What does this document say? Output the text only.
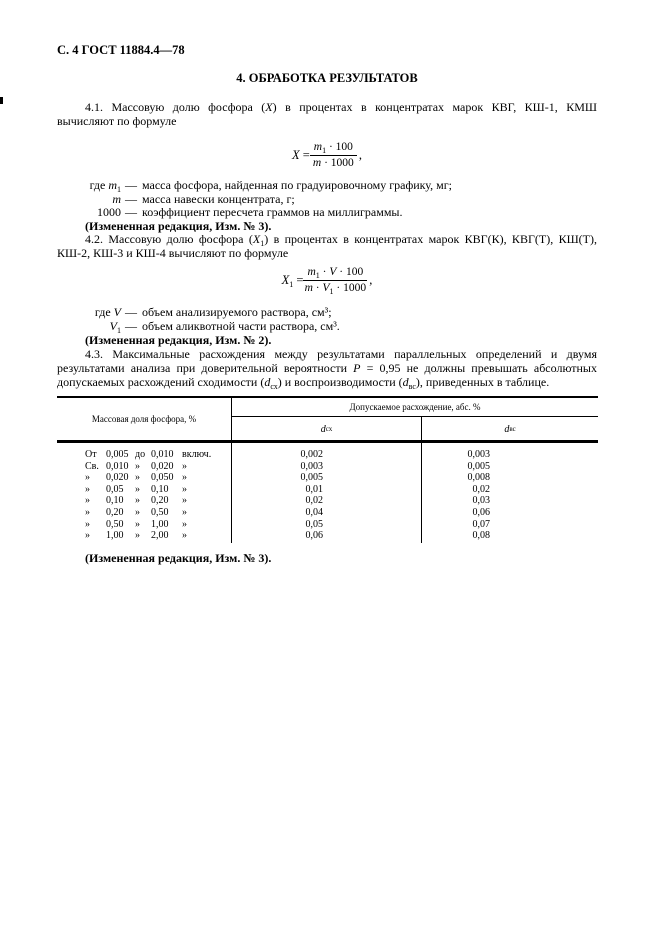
С. 4 ГОСТ 11884.4—78
4. ОБРАБОТКА РЕЗУЛЬТАТОВ
4.1. Массовую долю фосфора (X) в процентах в концентратах марок КВГ, КШ-1, КМШ
вычисляют по формуле
$X = \frac{m_1 \cdot 100}{m \cdot 1000}$ ,
где $m_1$ — масса фосфора, найденная по градуировочному графику, мг;
m — масса навески концентрата, г;
1000 — коэффициент пересчета граммов на миллиграммы.
(Измененная редакция, Изм. № 3).
4.2. Массовую долю фосфора $(X_1)$ в процентах в концентратах марок КВГ(К), КВГ(Т), КШ(Т),
КШ-2, КШ-3 и КШ-4 вычисляют по формуле
$X_1 = \frac{m_1 \cdot V \cdot 100}{m \cdot V_1 \cdot 1000}$ ,
где V — объем анализируемого раствора, см³;
$V_1$ — объем аликвотной части раствора, см³.
(Измененная редакция, Изм. № 2).
4.3. Максимальные расхождения между результатами параллельных определений и двумя
результатами анализа при доверительной вероятности P = 0,95 не должны превышать абсолютных
допускаемых расхождений сходимости $(d_{сх})$ и воспроизводимости $(d_{вс})$, приведенных в таблице.
Массовая доля фосфора, %
Допускаемое расхождение, абс. %
d сх	d вс
От 0,005 до 0,010 включ.	0,002	0,003
Св. 0,010 »	0,020 »	0,003	0,005
»	0,020 »	0,050 »	0,005	0,008
»	0,05	»	0,10	»	0,01	0,02
»	0,10	»	0,20	»	0,02	0,03
»	0,20	»	0,50	»	0,04	0,06
»	0,50	»	1,00	»	0,05	0,07
»	1,00	»	2,00	»	0,06	0,08
(Измененная редакция, Изм. № 3).
